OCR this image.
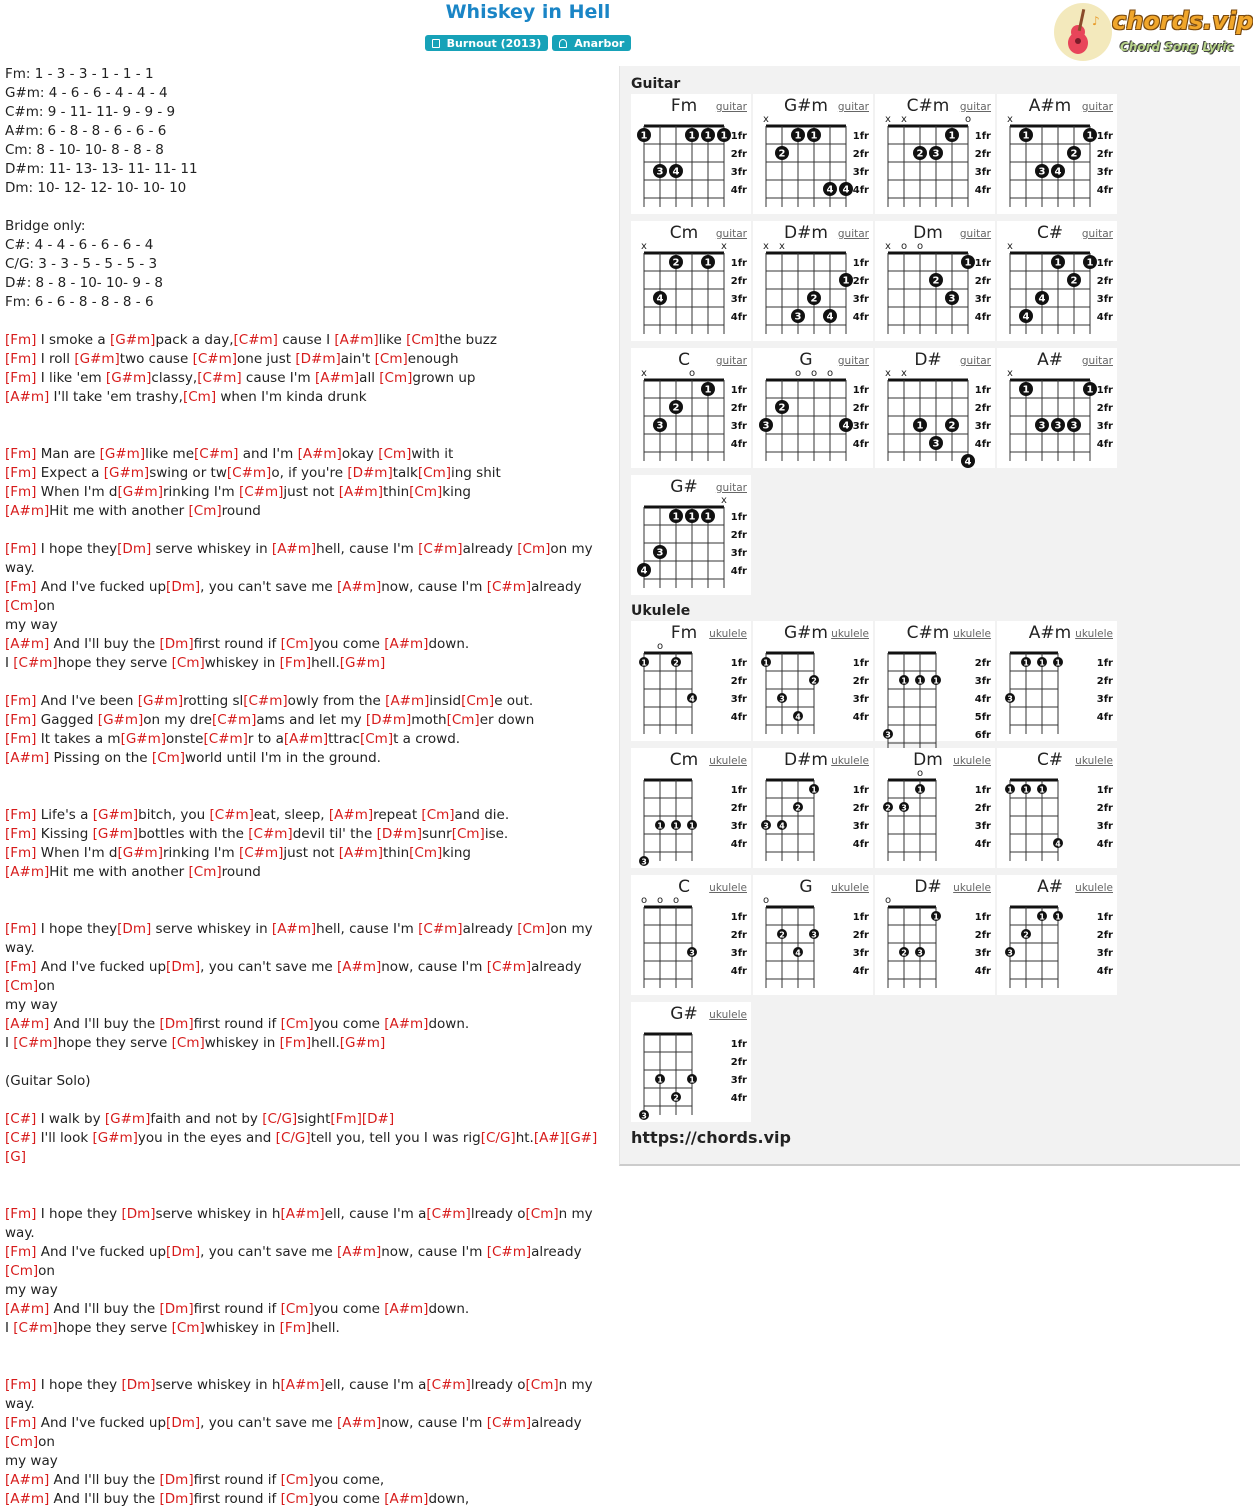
Whiskey in Hell
Burnout (2013)	Anarbor
♪ chords.vip
Chord Song Lyric
Fm: 1 - 3 - 3 - 1 - 1 - 1
G#m: 4 - 6 - 6 - 4 - 4 - 4
C#m: 9 - 11- 11- 9 - 9 - 9
A#m: 6 - 8 - 8 - 6 - 6 - 6
Cm: 8 - 10- 10- 8 - 8 - 8
D#m: 11- 13- 13- 11- 11- 11
Dm: 10- 12- 12- 10- 10- 10
Bridge only:
C#: 4 - 4 - 6 - 6 - 6 - 4
C/G: 3 - 3 - 5 - 5 - 5 - 3
D#: 8 - 8 - 10- 10- 9 - 8
Fm: 6 - 6 - 8 - 8 - 8 - 6
[Fm] I smoke a [G#m]pack a day,[C#m] cause I [A#m]like [Cm]the buzz
[Fm] I roll [G#m]two cause [C#m]one just [D#m]ain't [Cm]enough
[Fm] I like 'em [G#m]classy,[C#m] cause I'm [A#m]all [Cm]grown up
[A#m] I'll take 'em trashy,[Cm] when I'm kinda drunk
[Fm] Man are [G#m]like me[C#m] and I'm [A#m]okay [Cm]with it
[Fm] Expect a [G#m]swing or tw[C#m]o, if you're [D#m]talk[Cm]ing shit
[Fm] When I'm d[G#m]rinking I'm [C#m]just not [A#m]thin[Cm]king
[A#m]Hit me with another [Cm]round
[Fm] I hope they[Dm] serve whiskey in [A#m]hell, cause I'm [C#m]already [Cm]on my way.
[Fm] And I've fucked up[Dm], you can't save me [A#m]now, cause I'm [C#m]already [Cm]on
my way
[A#m] And I'll buy the [Dm]first round if [Cm]you come [A#m]down.
I [C#m]hope they serve [Cm]whiskey in [Fm]hell.[G#m]
[Fm] And I've been [G#m]rotting sl[C#m]owly from the [A#m]insid[Cm]e out.
[Fm] Gagged [G#m]on my dre[C#m]ams and let my [D#m]moth[Cm]er down
[Fm] It takes a m[G#m]onste[C#m]r to a[A#m]ttrac[Cm]t a crowd.
[A#m] Pissing on the [Cm]world until I'm in the ground.
[Fm] Life's a [G#m]bitch, you [C#m]eat, sleep, [A#m]repeat [Cm]and die.
[Fm] Kissing [G#m]bottles with the [C#m]devil til' the [D#m]sunr[Cm]ise.
[Fm] When I'm d[G#m]rinking I'm [C#m]just not [A#m]thin[Cm]king
[A#m]Hit me with another [Cm]round
[Fm] I hope they[Dm] serve whiskey in [A#m]hell, cause I'm [C#m]already [Cm]on my way.
[Fm] And I've fucked up[Dm], you can't save me [A#m]now, cause I'm [C#m]already [Cm]on
my way
[A#m] And I'll buy the [Dm]first round if [Cm]you come [A#m]down.
I [C#m]hope they serve [Cm]whiskey in [Fm]hell.[G#m]
(Guitar Solo)
[C#] I walk by [G#m]faith and not by [C/G]sight[Fm][D#]
[C#] I'll look [G#m]you in the eyes and [C/G]tell you, tell you I was rig[C/G]ht.[A#][G#][G]
[Fm] I hope they [Dm]serve whiskey in h[A#m]ell, cause I'm a[C#m]lready o[Cm]n my way.
[Fm] And I've fucked up[Dm], you can't save me [A#m]now, cause I'm [C#m]already [Cm]on
my way
[A#m] And I'll buy the [Dm]first round if [Cm]you come [A#m]down.
I [C#m]hope they serve [Cm]whiskey in [Fm]hell.
[Fm] I hope they [Dm]serve whiskey in h[A#m]ell, cause I'm a[C#m]lready o[Cm]n my way.
[Fm] And I've fucked up[Dm], you can't save me [A#m]now, cause I'm [C#m]already [Cm]on
my way
[A#m] And I'll buy the [Dm]first round if [Cm]you come,
[A#m] And I'll buy the [Dm]first round if [Cm]you come [A#m]down,
Guitar
1fr
2fr
3fr
4fr
1	1 1 1
3 4
Fm	guitar
1fr
2fr
3fr
4fr
x
1 1
2
4 4
G#m guitar
1fr
2fr
3fr
4fr
x x	o
1
2 3
C#m	guitar
1fr
2fr
3fr
4fr
x
1	1
2
3 4
A#m	guitar
1fr
2fr
3fr
4fr
x	x
2	1
4
Cm	guitar
1fr
2fr
3fr
4fr
x x
1
2
3	4
D#m guitar
1fr
2fr
3fr
4fr
x o o
1
2
3
Dm	guitar
1fr
2fr
3fr
4fr
x
1	1
2
4
4
C#	guitar
1fr
2fr
3fr
4fr
x	o
1
2
3
C	guitar
1fr
2fr
3fr
4fr
o o o
2
3	4
G	guitar
1fr
2fr
3fr
4fr
x x
1	2
3
4
D#	guitar
1fr
2fr
3fr
4fr
x
1	1
3 3 3
A#	guitar
1fr
2fr
3fr
4fr
x
1 1 1
3
4
G#	guitar
Ukulele
1fr
2fr
3fr
4fr
o
1	2
4
Fm	ukulele
1fr
2fr
3fr
4fr
1
2
3
4
G#m ukulele
2fr
3fr
4fr
5fr
6fr
1 1 1
3
C#m ukulele
1fr
2fr
3fr
4fr
1 1 1
3
A#m ukulele
1fr
2fr
3fr
4fr
1 1 1
3
Cm	ukulele
1fr
2fr
3fr
4fr
1
2
3 4
D#m ukulele
1fr
2fr
3fr
4fr
o
1
2 3
Dm ukulele
1fr
2fr
3fr
4fr
1 1 1
4
C#	ukulele
1fr
2fr
3fr
4fr
o o o
3
C	ukulele
1fr
2fr
3fr
4fr
o
2	3
4
G	ukulele
1fr
2fr
3fr
4fr
o
1
2 3
D#	ukulele
1fr
2fr
3fr
4fr
1 1
2
3
A#	ukulele
1fr
2fr
3fr
4fr
1	1
2
3
G#	ukulele
https://chords.vip
